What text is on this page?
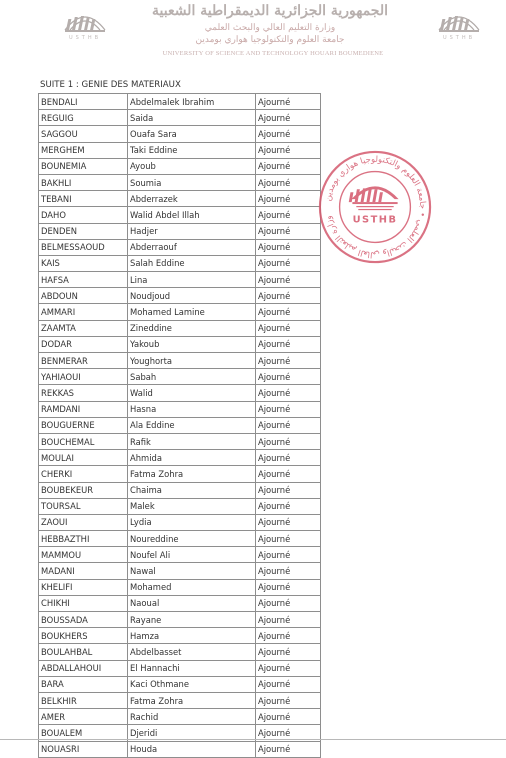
USTHB	USTHB
الجمهورية الجزائرية الديمقراطية الشعبية
وزارة التعليم العالي والبحث العلمي
جامعة العلوم والتكنولوجيا هواري بومدين
UNIVERSITY OF SCIENCE AND TECHNOLOGY HOUARI BOUMEDIENE
SUITE 1 : GENIE DES MATERIAUX
BENDALI	Abdelmalek Ibrahim	Ajourné
REGUIG	Saida	Ajourné
SAGGOU	Ouafa Sara	Ajourné
MERGHEM	Taki Eddine	Ajourné
BOUNEMIA	Ayoub	Ajourné
BAKHLI	Soumia	Ajourné
TEBANI	Abderrazek	Ajourné
DAHO	Walid Abdel Illah	Ajourné
DENDEN	Hadjer	Ajourné
BELMESSAOUD	Abderraouf	Ajourné
KAIS	Salah Eddine	Ajourné
HAFSA	Lina	Ajourné
ABDOUN	Noudjoud	Ajourné
AMMARI	Mohamed Lamine	Ajourné
ZAAMTA	Zineddine	Ajourné
DODAR	Yakoub	Ajourné
BENMERAR	Youghorta	Ajourné
YAHIAOUI	Sabah	Ajourné
REKKAS	Walid	Ajourné
RAMDANI	Hasna	Ajourné
BOUGUERNE	Ala Eddine	Ajourné
BOUCHEMAL	Rafik	Ajourné
MOULAI	Ahmida	Ajourné
CHERKI	Fatma Zohra	Ajourné
BOUBEKEUR	Chaima	Ajourné
TOURSAL	Malek	Ajourné
ZAOUI	Lydia	Ajourné
HEBBAZTHI	Noureddine	Ajourné
MAMMOU	Noufel Ali	Ajourné
MADANI	Nawal	Ajourné
KHELIFI	Mohamed	Ajourné
CHIKHI	Naoual	Ajourné
BOUSSADA	Rayane	Ajourné
BOUKHERS	Hamza	Ajourné
BOULAHBAL	Abdelbasset	Ajourné
ABDALLAHOUI	El Hannachi	Ajourné
BARA	Kaci Othmane	Ajourné
BELKHIR	Fatma Zohra	Ajourné
AMER	Rachid	Ajourné
BOUALEM	Djeridi	Ajourné
NOUASRI	Houda	Ajourné
وزارة التعليم العالي والبحث العلمي • جامعة العلوم والتكنولوجيا هواري بومدين	USTHB
